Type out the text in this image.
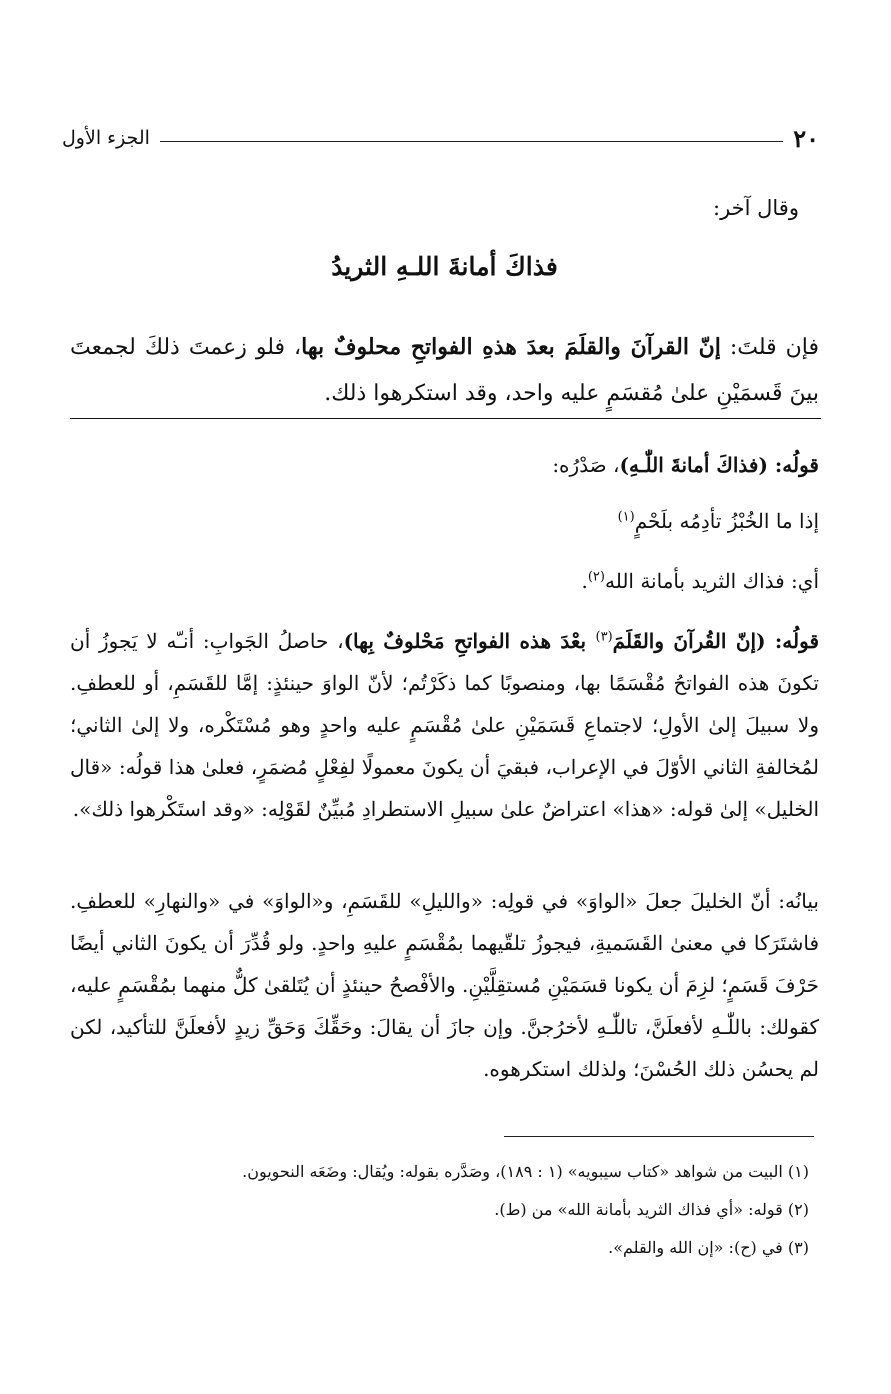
٢٠
الجزء الأول
وقال آخر:
فذاكَ أمانةَ اللـهِ الثريدُ
فإن قلتَ: إنّ القرآنَ والقلَمَ بعدَ هذهِ الفواتحِ محلوفٌ بها، فلو زعمتَ ذلكَ لجمعتَ بينَ قَسمَيْنِ علىٰ مُقسَمٍ عليه واحد، وقد استكرهوا ذلك.
قولُه: (فذاكَ أمانةَ اللّٰـهِ)، صَدْرُه:
إذا ما الخُبْزُ تأدِمُه بلَحْمٍ$^{(١)}$
أي: فذاك الثريد بأمانة الله$^{(٢)}$.
قولُه: (إنّ القُرآنَ والقَلَمَ$^{(٣)}$ بعْدَ هذه الفواتحِ مَحْلوفٌ بِها)، حاصلُ الجَوابِ: أنـّه لا يَجوزُ أن تكونَ هذه الفواتحُ مُقْسَمًا بها، ومنصوبًا كما ذكَرْتُم؛ لأنّ الواوَ حينئذٍ: إمَّا للقَسَمِ، أو للعطفِ. ولا سبيلَ إلىٰ الأولِ؛ لاجتماعِ قَسَمَيْنِ علىٰ مُقْسَمٍ عليه واحدٍ وهو مُسْتَكْره، ولا إلىٰ الثاني؛ لمُخالفةِ الثاني الأوّلَ في الإعراب، فبقيَ أن يكونَ معمولًا لفِعْلٍ مُضمَرٍ، فعلىٰ هذا قولُه: «قال الخليل» إلىٰ قوله: «هذا» اعتراضٌ علىٰ سبيلِ الاستطرادِ مُبيِّنٌ لقَوْلِه: «وقد استَكْرهوا ذلك».
بيانُه: أنّ الخليلَ جعلَ «الواوَ» في قولِه: «والليلِ» للقَسَمِ، و«الواوَ» في «والنهارِ» للعطفِ. فاشتَرَكا في معنىٰ القَسَميةِ، فيجوزُ تلقّيهما بمُقْسَمٍ عليهِ واحدٍ. ولو قُدِّرَ أن يكونَ الثاني أيضًا حَرْفَ قَسَمٍ؛ لزِمَ أن يكونا قسَمَيْنِ مُستقِلَّيْنِ. والأفْصحُ حينئذٍ أن يُتَلقىٰ كلٌّ منهما بمُقْسَمٍ عليه، كقولك: باللّٰـهِ لأفعلَنَّ، تاللّٰـهِ لأخرُجنَّ. وإن جازَ أن يقالَ: وحَقِّكَ وَحَقِّ زيدٍ لأفعلَنَّ للتأكيد، لكن لم يحسُن ذلك الحُسْنَ؛ ولذلك استكرهوه.
(١) البيت من شواهد «كتاب سيبويه» (١ : ١٨٩)، وصَدَّره بقوله: ويُقال: وضَعَه النحويون.
(٢) قوله: «أي فذاك الثريد بأمانة الله» من (ط).
(٣) في (ح): «إن الله والقلم».
